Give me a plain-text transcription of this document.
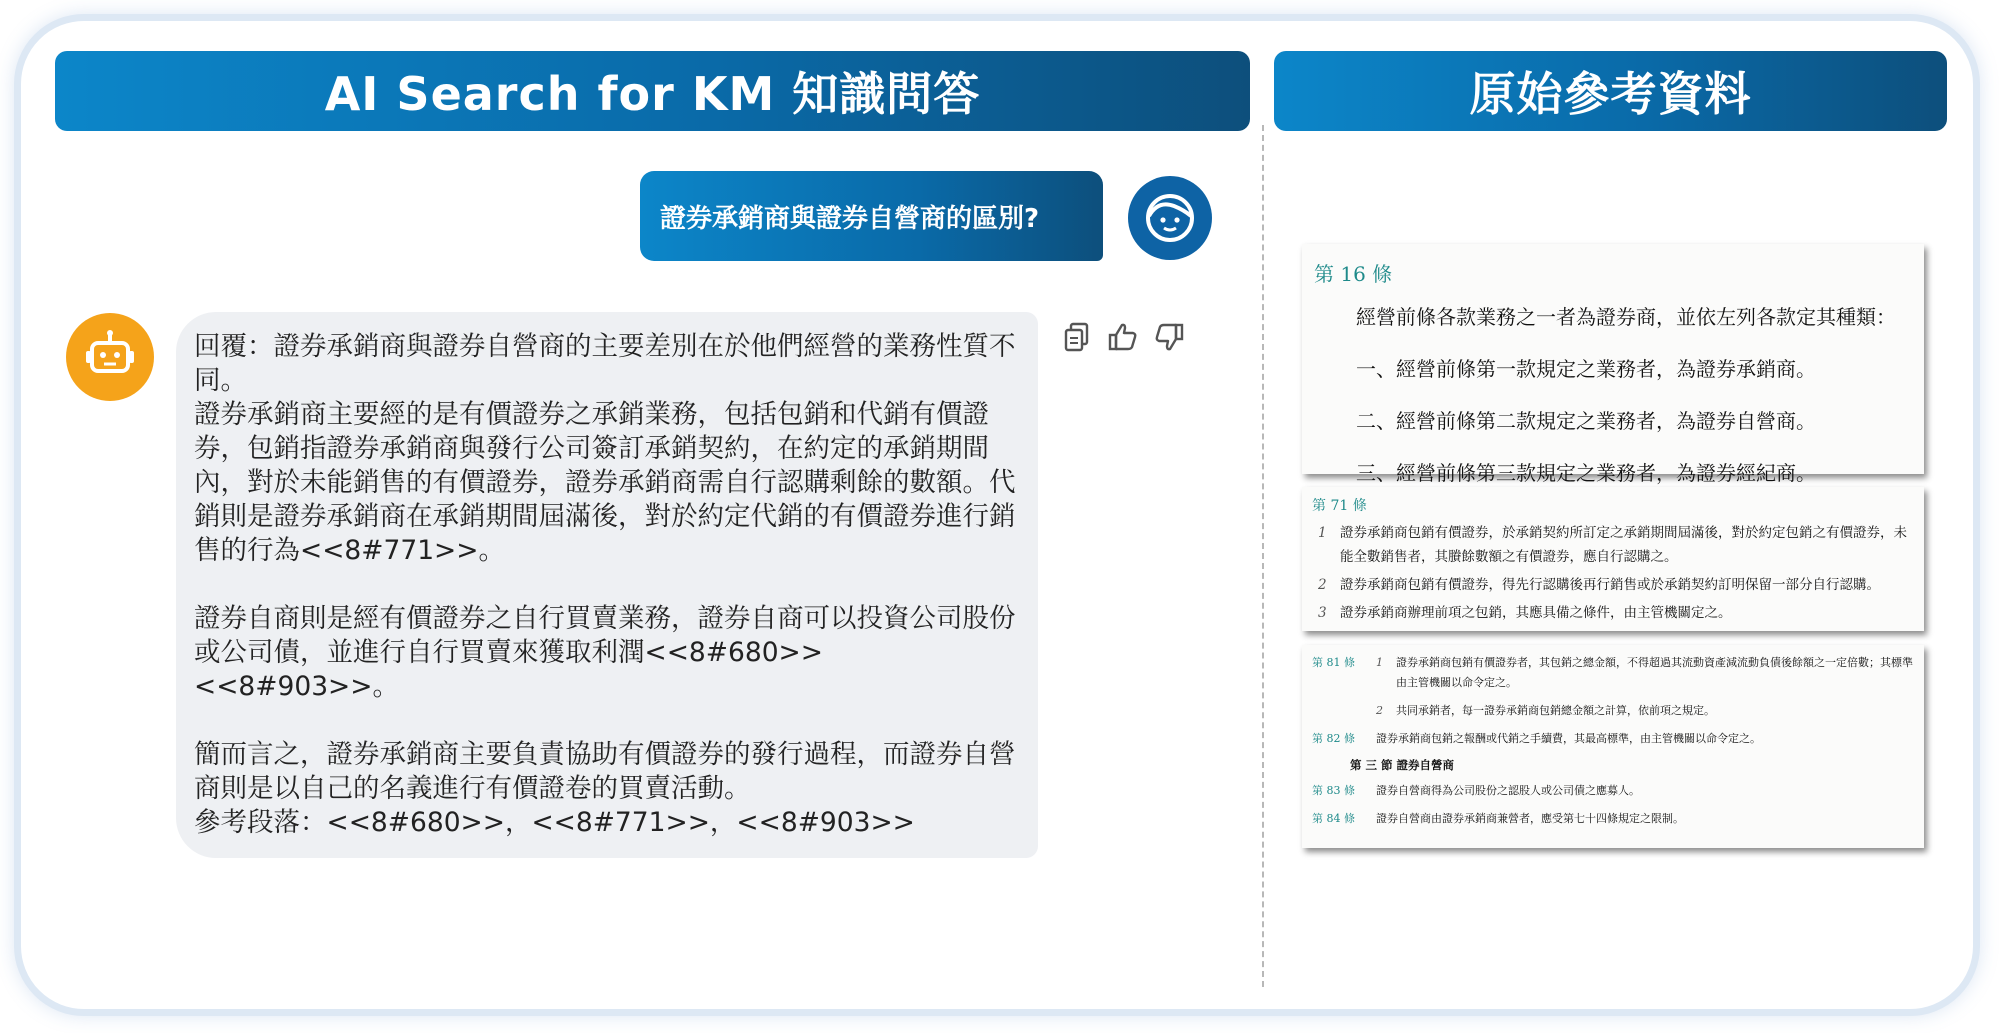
AI Search for KM 知識問答	原始參考資料
證券承銷商與證券自營商的區別?

回覆：證券承銷商與證券自營商的主要差別在於他們經營的業務性質不同。

證券承銷商主要經的是有價證券之承銷業務，包括包銷和代銷有價證券，包銷指證券承銷商與發行公司簽訂承銷契約，在約定的承銷期間內，對於未能銷售的有價證券，證券承銷商需自行認購剩餘的數額。代銷則是證券承銷商在承銷期間屆滿後，對於約定代銷的有價證券進行銷售的行為<<8#771>>。

證券自商則是經有價證券之自行買賣業務，證券自商可以投資公司股份或公司債，並進行自行買賣來獲取利潤<<8#680>><<8#903>>。

簡而言之，證券承銷商主要負責協助有價證券的發行過程，而證券自營商則是以自己的名義進行有價證卷的買賣活動。

參考段落：<<8#680>>，<<8#771>>，<<8#903>>

第 16 條
經營前條各款業務之一者為證券商，並依左列各款定其種類：
一、經營前條第一款規定之業務者，為證券承銷商。
二、經營前條第二款規定之業務者，為證券自營商。
三、經營前條第三款規定之業務者，為證券經紀商。
第 71 條
1 證券承銷商包銷有價證券，於承銷契約所訂定之承銷期間屆滿後，對於約定包銷之有價證券，未能全數銷售者，其賸餘數額之有價證券，應自行認購之。
2 證券承銷商包銷有價證券，得先行認購後再行銷售或於承銷契約訂明保留一部分自行認購。
3 證券承銷商辦理前項之包銷，其應具備之條件，由主管機關定之。
第 81 條	1	證券承銷商包銷有價證券者，其包銷之總金額，不得超過其流動資產減流動負債後餘額之一定倍數；其標準由主管機關以命令定之。
2	共同承銷者，每一證券承銷商包銷總金額之計算，依前項之規定。
第 82 條	證券承銷商包銷之報酬或代銷之手續費，其最高標準，由主管機關以命令定之。
第 三 節 證券自營商
第 83 條	證券自營商得為公司股份之認股人或公司債之應募人。
第 84 條	證券自營商由證券承銷商兼營者，應受第七十四條規定之限制。
